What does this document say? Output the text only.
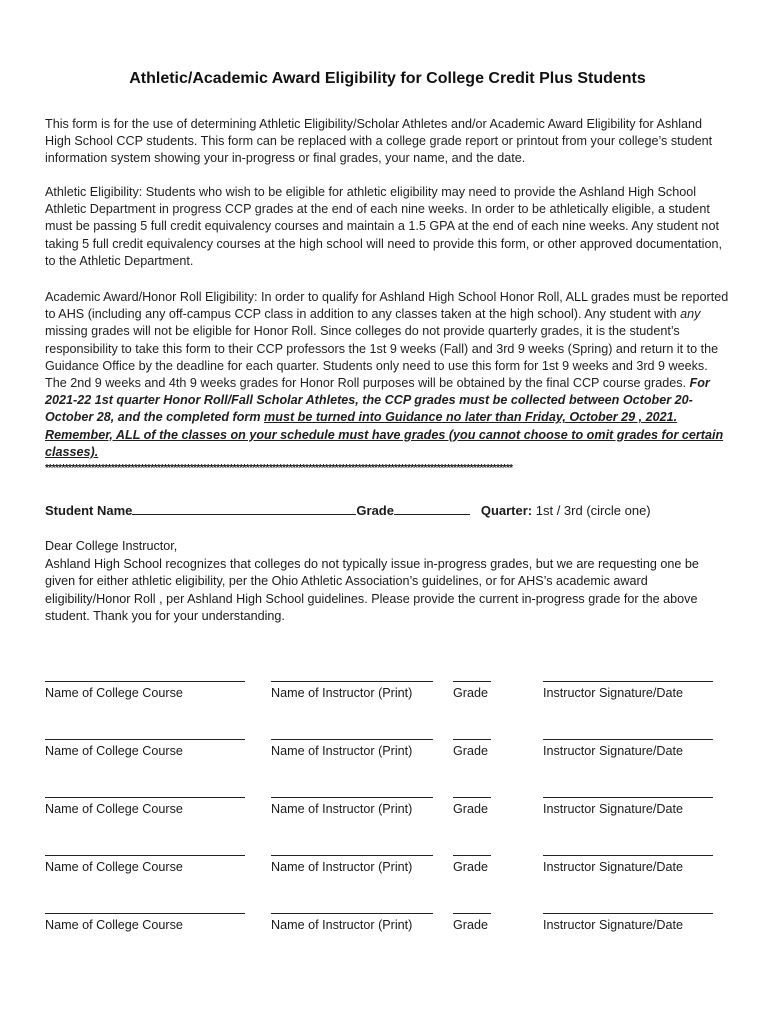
Athletic/Academic Award Eligibility for College Credit Plus Students
This form is for the use of determining Athletic Eligibility/Scholar Athletes and/or Academic Award Eligibility for Ashland High School CCP students. This form can be replaced with a college grade report or printout from your college’s student information system showing your in-progress or final grades, your name, and the date.
Athletic Eligibility: Students who wish to be eligible for athletic eligibility may need to provide the Ashland High School Athletic Department in progress CCP grades at the end of each nine weeks. In order to be athletically eligible, a student must be passing 5 full credit equivalency courses and maintain a 1.5 GPA at the end of each nine weeks. Any student not taking 5 full credit equivalency courses at the high school will need to provide this form, or other approved documentation, to the Athletic Department.
Academic Award/Honor Roll Eligibility: In order to qualify for Ashland High School Honor Roll, ALL grades must be reported to AHS (including any off-campus CCP class in addition to any classes taken at the high school). Any student with any missing grades will not be eligible for Honor Roll. Since colleges do not provide quarterly grades, it is the student’s responsibility to take this form to their CCP professors the 1st 9 weeks (Fall) and 3rd 9 weeks (Spring) and return it to the Guidance Office by the deadline for each quarter. Students only need to use this form for 1st 9 weeks and 3rd 9 weeks. The 2nd 9 weeks and 4th 9 weeks grades for Honor Roll purposes will be obtained by the final CCP course grades. For 2021-22 1st quarter Honor Roll/Fall Scholar Athletes, the CCP grades must be collected between October 20-October 28, and the completed form must be turned into Guidance no later than Friday, October 29 , 2021. Remember, ALL of the classes on your schedule must have grades (you cannot choose to omit grades for certain classes).
**********************************************************************************************************************************************
Student Name	Grade	Quarter: 1st / 3rd (circle one)
Dear College Instructor,
Ashland High School recognizes that colleges do not typically issue in-progress grades, but we are requesting one be given for either athletic eligibility, per the Ohio Athletic Association’s guidelines, or for AHS’s academic award eligibility/Honor Roll , per Ashland High School guidelines. Please provide the current in-progress grade for the above student. Thank you for your understanding.
Name of College Course	Name of Instructor (Print)	Grade	Instructor Signature/Date
Name of College Course	Name of Instructor (Print)	Grade	Instructor Signature/Date
Name of College Course	Name of Instructor (Print)	Grade	Instructor Signature/Date
Name of College Course	Name of Instructor (Print)	Grade	Instructor Signature/Date
Name of College Course	Name of Instructor (Print)	Grade	Instructor Signature/Date
